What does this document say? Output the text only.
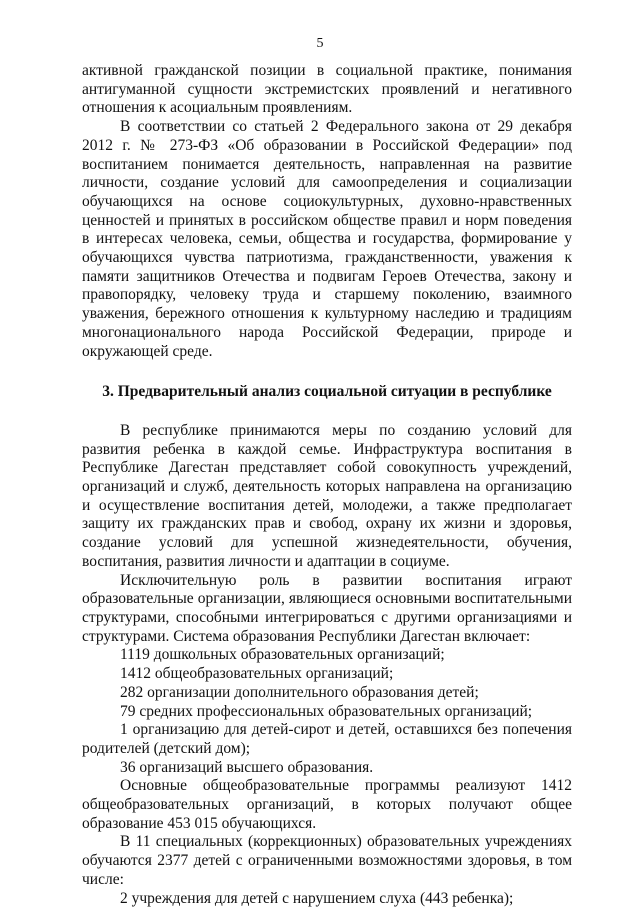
5

активной гражданской позиции в социальной практике, понимания антигуманной сущности экстремистских проявлений и негативного отношения к асоциальным проявлениям.

В соответствии со статьей 2 Федерального закона от 29 декабря 2012 г. № 273-ФЗ «Об образовании в Российской Федерации» под воспитанием понимается деятельность, направленная на развитие личности, создание условий для самоопределения и социализации обучающихся на основе социокультурных, духовно-нравственных ценностей и принятых в российском обществе правил и норм поведения в интересах человека, семьи, общества и государства, формирование у обучающихся чувства патриотизма, гражданственности, уважения к памяти защитников Отечества и подвигам Героев Отечества, закону и правопорядку, человеку труда и старшему поколению, взаимного уважения, бережного отношения к культурному наследию и традициям многонационального народа Российской Федерации, природе и окружающей среде.

3. Предварительный анализ социальной ситуации в республике

В республике принимаются меры по созданию условий для развития ребенка в каждой семье. Инфраструктура воспитания в Республике Дагестан представляет собой совокупность учреждений, организаций и служб, деятельность которых направлена на организацию и осуществление воспитания детей, молодежи, а также предполагает защиту их гражданских прав и свобод, охрану их жизни и здоровья, создание условий для успешной жизнедеятельности, обучения, воспитания, развития личности и адаптации в социуме.

Исключительную роль в развитии воспитания играют образовательные организации, являющиеся основными воспитательными структурами, способными интегрироваться с другими организациями и структурами. Система образования Республики Дагестан включает:

1119 дошкольных образовательных организаций;

1412 общеобразовательных организаций;

282 организации дополнительного образования детей;

79 средних профессиональных образовательных организаций;

1 организацию для детей-сирот и детей, оставшихся без попечения родителей (детский дом);

36 организаций высшего образования.

Основные общеобразовательные программы реализуют 1412 общеобразовательных организаций, в которых получают общее образование 453 015 обучающихся.

В 11 специальных (коррекционных) образовательных учреждениях обучаются 2377 детей с ограниченными возможностями здоровья, в том числе:

2 учреждения для детей с нарушением слуха (443 ребенка);
